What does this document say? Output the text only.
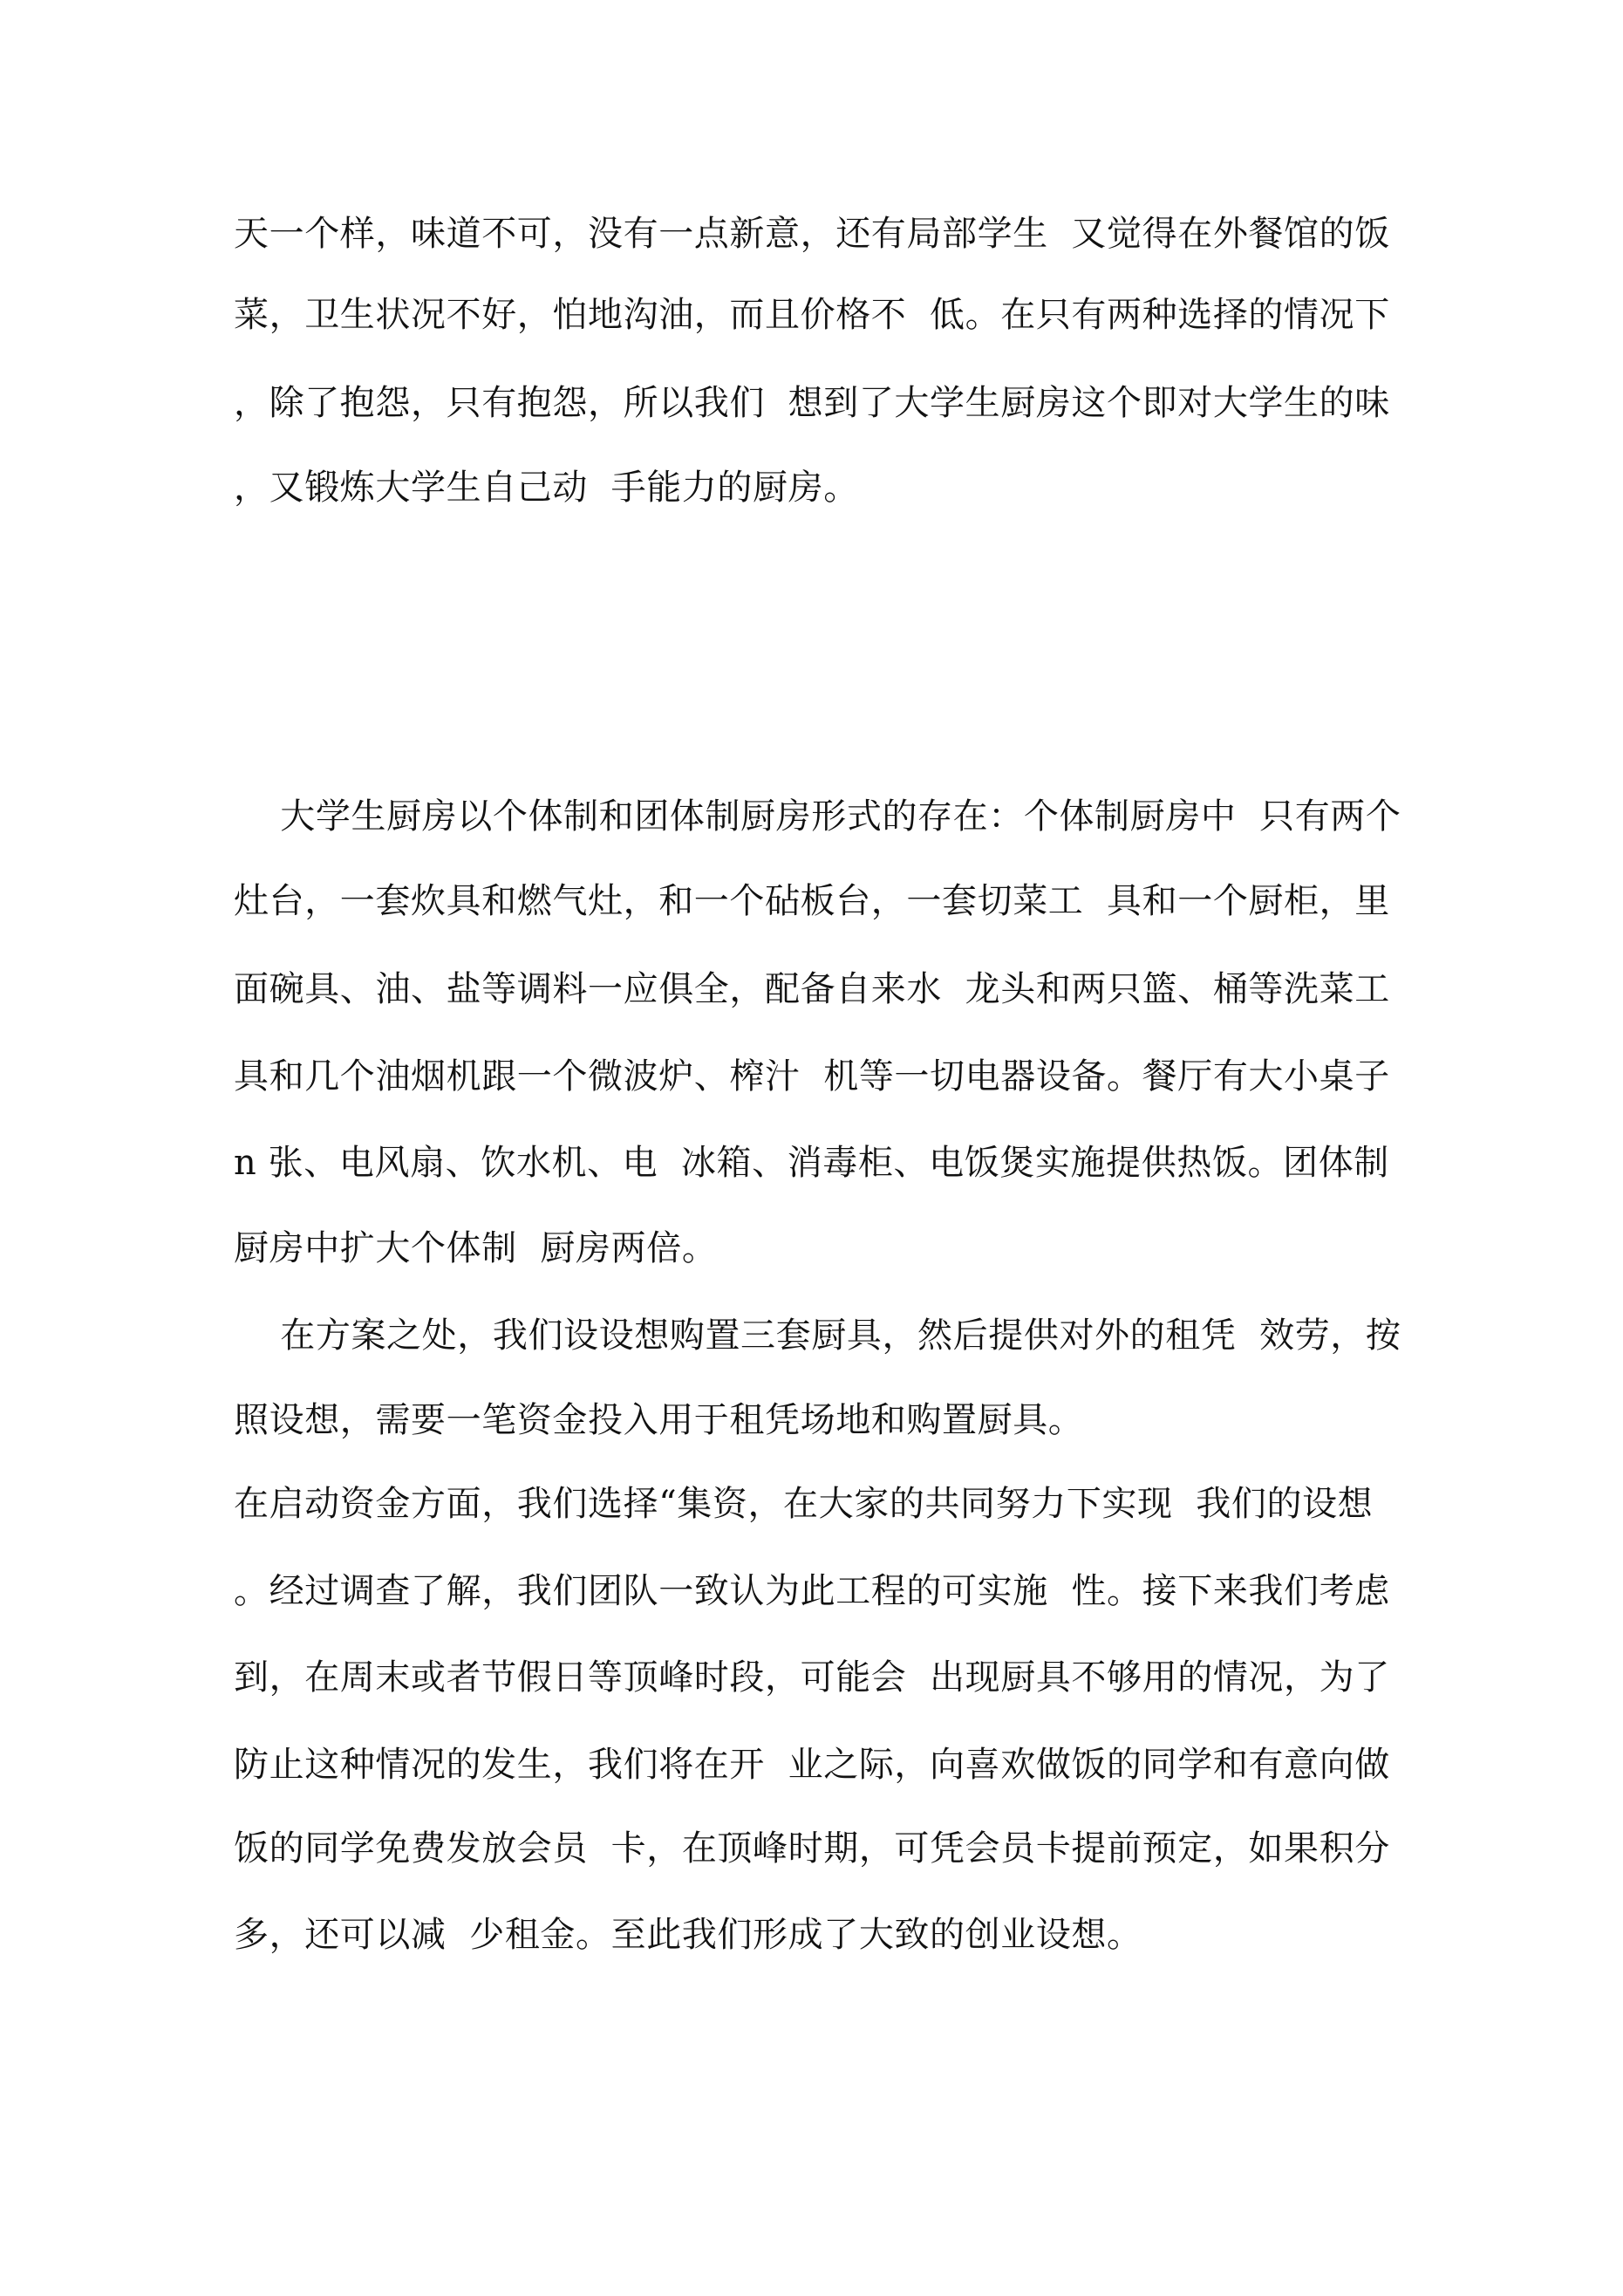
天一个样，味道不可，没有一点新意，还有局部学生  又觉得在外餐馆的饭
菜，卫生状况不好，怕地沟油，而且价格不  低。在只有两种选择的情况下
，除了抱怨，只有抱怨，所以我们  想到了大学生厨房这个即对大学生的味
，又锻炼大学生自己动  手能力的厨房。
大学生厨房以个体制和团体制厨房形式的存在：个体制厨房中  只有两个
灶台，一套炊具和燃气灶，和一个砧板台，一套切菜工  具和一个厨柜，里
面碗具、油、盐等调料一应俱全，配备自来水  龙头和两只篮、桶等洗菜工
具和几个油烟机跟一个微波炉、榨汁  机等一切电器设备。餐厅有大小桌子
n 张、电风扇、饮水机、电  冰箱、消毒柜、电饭煲实施提供热饭。团体制
厨房中扩大个体制  厨房两倍。
在方案之处，我们设设想购置三套厨具，然后提供对外的租凭  效劳，按
照设想，需要一笔资金投入用于租凭场地和购置厨具。
在启动资金方面，我们选择“集资，在大家的共同努力下实现  我们的设想
。经过调查了解，我们团队一致认为此工程的可实施  性。接下来我们考虑
到，在周末或者节假日等顶峰时段，可能会  出现厨具不够用的情况，为了
防止这种情况的发生，我们将在开  业之际，向喜欢做饭的同学和有意向做
饭的同学免费发放会员  卡，在顶峰时期，可凭会员卡提前预定，如果积分
多，还可以减  少租金。至此我们形成了大致的创业设想。
